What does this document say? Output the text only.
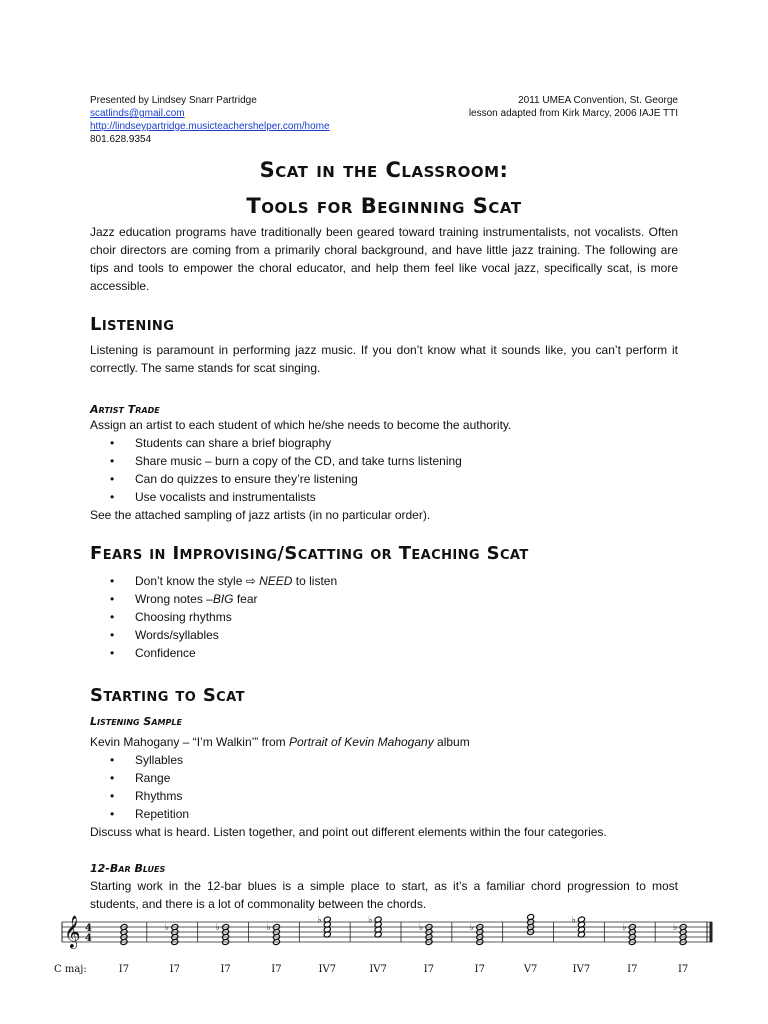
Presented by Lindsey Snarr Partridge
scatlinds@gmail.com
http://lindseypartridge.musicteachershelper.com/home
801.628.9354
2011 UMEA Convention, St. George
lesson adapted from Kirk Marcy, 2006 IAJE TTI
Scat in the Classroom:
Tools for Beginning Scat

Jazz education programs have traditionally been geared toward training instrumentalists, not vocalists. Often choir directors are coming from a primarily choral background, and have little jazz training. The following are tips and tools to empower the choral educator, and help them feel like vocal jazz, specifically scat, is more accessible.

Listening

Listening is paramount in performing jazz music. If you don’t know what it sounds like, you can’t perform it correctly. The same stands for scat singing.

Artist Trade

Assign an artist to each student of which he/she needs to become the authority.

• Students can share a brief biography
• Share music – burn a copy of the CD, and take turns listening
• Can do quizzes to ensure they’re listening
• Use vocalists and instrumentalists

See the attached sampling of jazz artists (in no particular order).

Fears in Improvising/Scatting or Teaching Scat
• Don’t know the style ⇨ NEED to listen
• Wrong notes –BIG fear
• Choosing rhythms
• Words/syllables
• Confidence
Starting to Scat
Listening Sample

Kevin Mahogany – “I’m Walkin’” from Portrait of Kevin Mahogany album

• Syllables
• Range
• Rhythms
• Repetition

Discuss what is heard. Listen together, and point out different elements within the four categories.

12-Bar Blues

Starting work in the 12-bar blues is a simple place to start, as it’s a familiar chord progression to most students, and there is a lot of commonality between the chords.

𝄞 4
4
C maj:	I7
♭
I7
♭
I7
♭
I7
♭
IV7
♭
IV7
♭
I7
♭
I7	V7
♭
IV7
♭
I7
♭
I7
